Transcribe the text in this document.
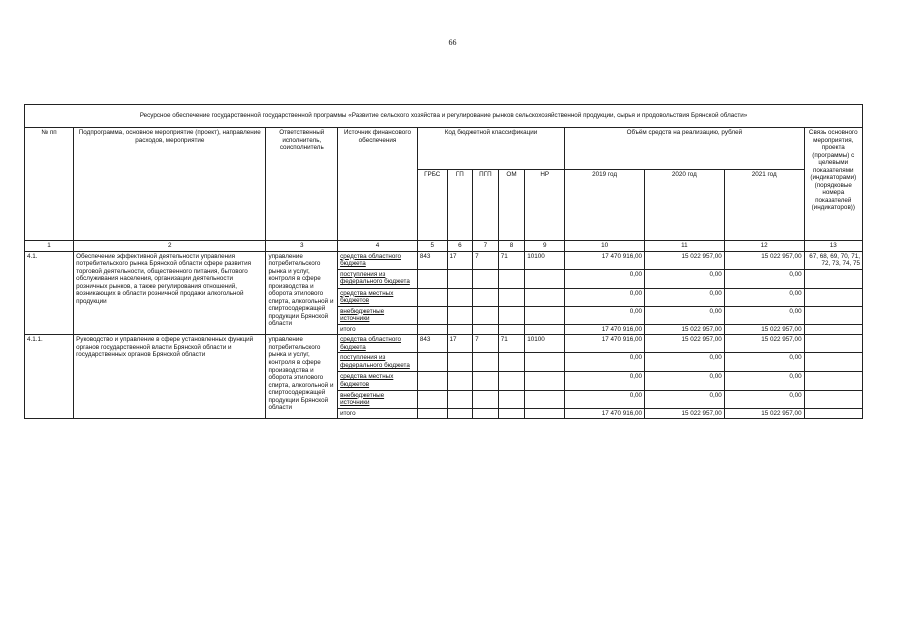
66
Ресурсное обеспечение государственной государственной программы «Развитие сельского хозяйства и регулирование рынков сельскохозяйственной продукции, сырья и продовольствия Брянской области»												
№ пп	Подпрограмма, основное мероприятие (проект), направление расходов, мероприятие	Ответственный исполнитель, соисполнитель	Источник финансового обеспечения	Код бюджетной классификации					Объём средств на реализацию, рублей			Связь основного мероприятия, проекта (программы) с целевыми показателями (индикаторами) (порядковые номера показателей (индикаторов))
				ГРБС	ГП	ПГП	ОМ	НР	2019 год	2020 год	2021 год	
1	2	3	4	5	6	7	8	9	10	11	12	13
4.1.	Обеспечение эффективной деятельности управления потребительского рынка Брянской области сфере развития торговой деятельности, общественного питания, бытового обслуживания населения, организации деятельности розничных рынков, а также регулирования отношений, возникающих в области розничной продажи алкогольной продукции	управление потребительского рынка и услуг, контроля в сфере производства и оборота этилового спирта, алкогольной и спиртосодержащей продукции Брянской области	средства областного бюджета	843	17	7	71	10100	17 470 916,00	15 022 957,00	15 022 957,00	67, 68, 69, 70, 71, 72, 73, 74, 75
			поступления из федерального бюджета						0,00	0,00	0,00	
			средства местных бюджетов						0,00	0,00	0,00	
			внебюджетные источники						0,00	0,00	0,00	
			итого						17 470 916,00	15 022 957,00	15 022 957,00	
4.1.1.	Руководство и управление в сфере установленных функций органов государственной власти Брянской области и государственных органов Брянской области	управление потребительского рынка и услуг, контроля в сфере производства и оборота этилового спирта, алкогольной и спиртосодержащей продукции Брянской области	средства областного бюджета	843	17	7	71	10100	17 470 916,00	15 022 957,00	15 022 957,00	
			поступления из федерального бюджета						0,00	0,00	0,00	
			средства местных бюджетов						0,00	0,00	0,00	
			внебюджетные источники						0,00	0,00	0,00	
			итого						17 470 916,00	15 022 957,00	15 022 957,00	
